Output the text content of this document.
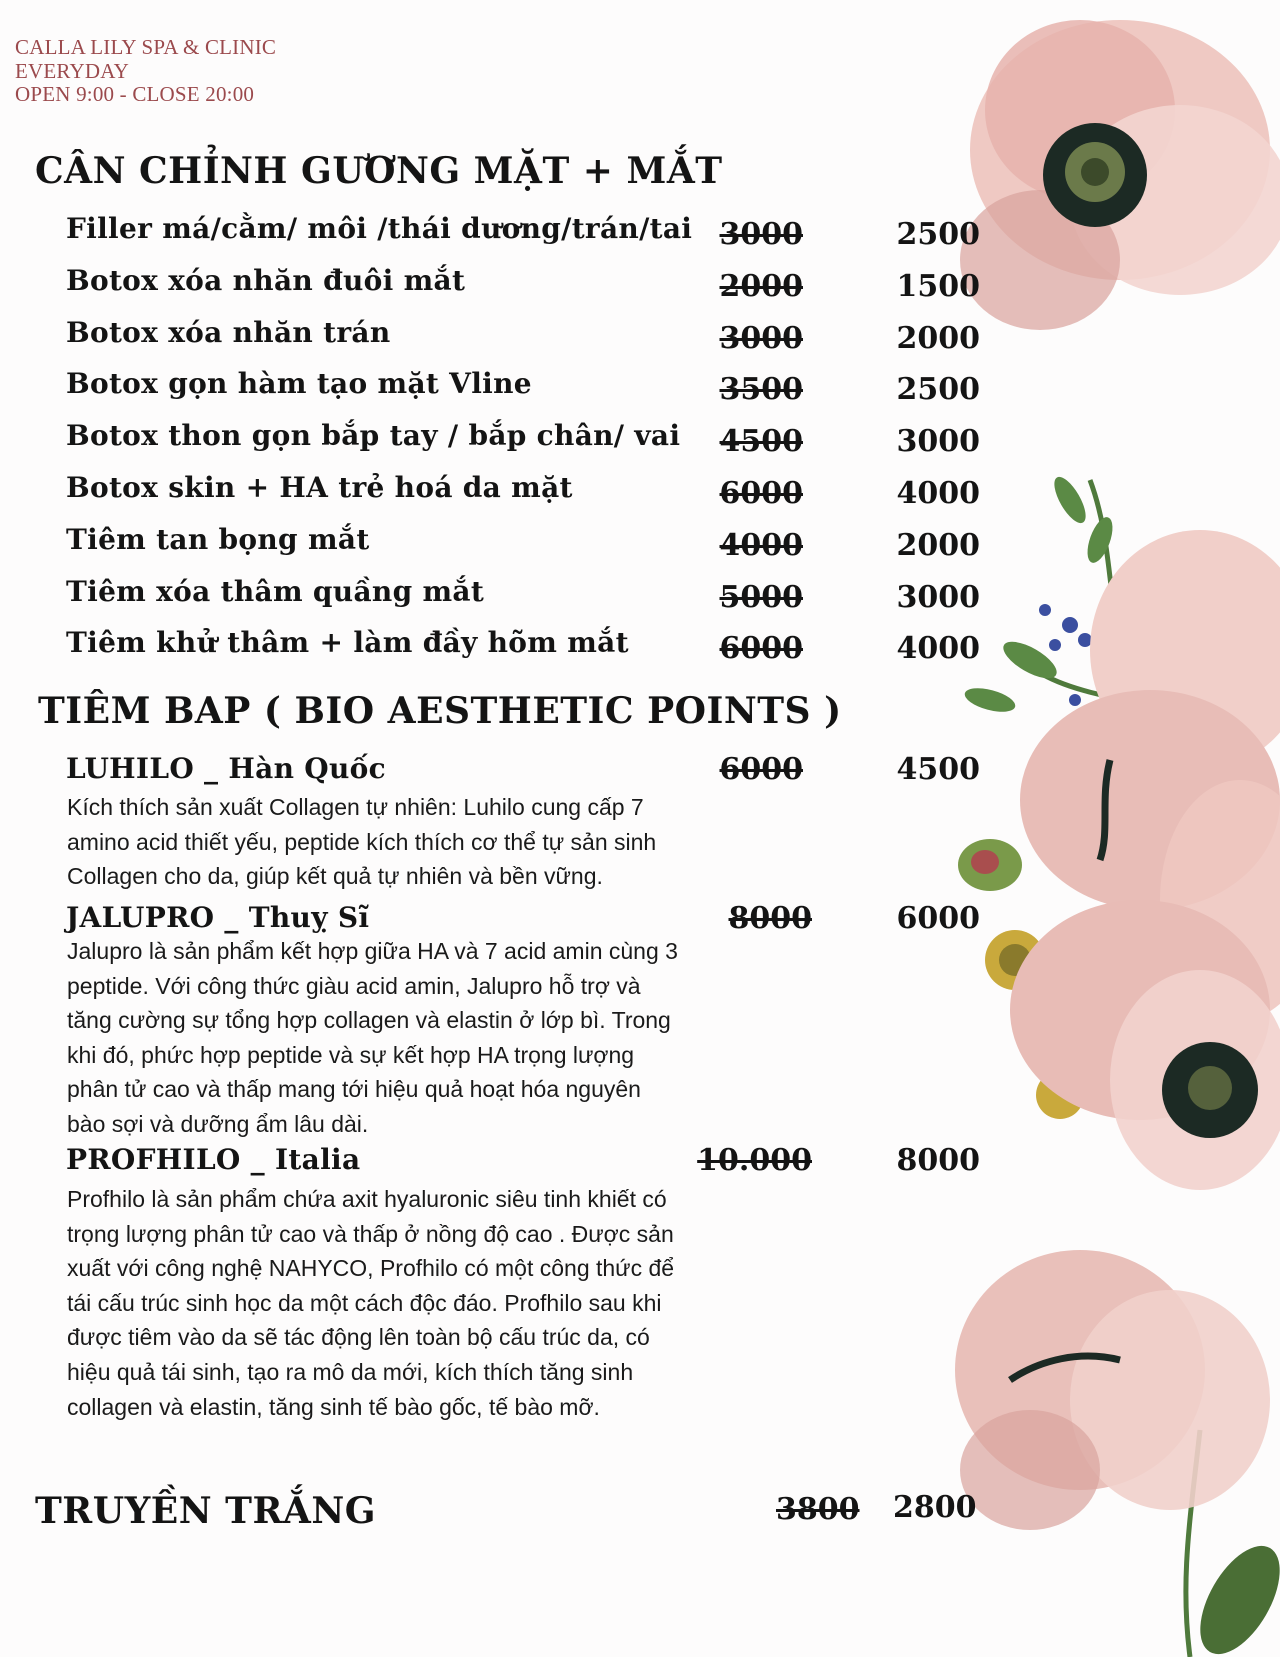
CALLA LILY SPA & CLINIC
EVERYDAY
OPEN 9:00 - CLOSE 20:00
CÂN CHỈNH GƯƠNG MẶT + MẮT
Filler má/cằm/ môi /thái dương/trán/tai 3000	2500
Botox xóa nhăn đuôi mắt	2000	1500
Botox xóa nhăn trán	3000	2000
Botox gọn hàm tạo mặt Vline	3500	2500
Botox thon gọn bắp tay / bắp chân/ vai 4500	3000
Botox skin + HA trẻ hoá da mặt	6000	4000
Tiêm tan bọng mắt	4000	2000
Tiêm xóa thâm quầng mắt	5000	3000
Tiêm khử thâm + làm đầy hõm mắt	6000	4000
TIÊM BAP ( BIO AESTHETIC POINTS )
LUHILO _ Hàn Quốc	6000	4500
Kích thích sản xuất Collagen tự nhiên: Luhilo cung cấp 7
amino acid thiết yếu, peptide kích thích cơ thể tự sản sinh
Collagen cho da, giúp kết quả tự nhiên và bền vững.
JALUPRO _ Thuỵ Sĩ	8000	6000
Jalupro là sản phẩm kết hợp giữa HA và 7 acid amin cùng 3
peptide. Với công thức giàu acid amin, Jalupro hỗ trợ và
tăng cường sự tổng hợp collagen và elastin ở lớp bì. Trong
khi đó, phức hợp peptide và sự kết hợp HA trọng lượng
phân tử cao và thấp mang tới hiệu quả hoạt hóa nguyên
bào sợi và dưỡng ẩm lâu dài.
PROFHILO _ Italia	10.000	8000
Profhilo là sản phẩm chứa axit hyaluronic siêu tinh khiết có
trọng lượng phân tử cao và thấp ở nồng độ cao . Được sản
xuất với công nghệ NAHYCO, Profhilo có một công thức để
tái cấu trúc sinh học da một cách độc đáo. Profhilo sau khi
được tiêm vào da sẽ tác động lên toàn bộ cấu trúc da, có
hiệu quả tái sinh, tạo ra mô da mới, kích thích tăng sinh
collagen và elastin, tăng sinh tế bào gốc, tế bào mỡ.
TRUYỀN TRẮNG	3800 2800
